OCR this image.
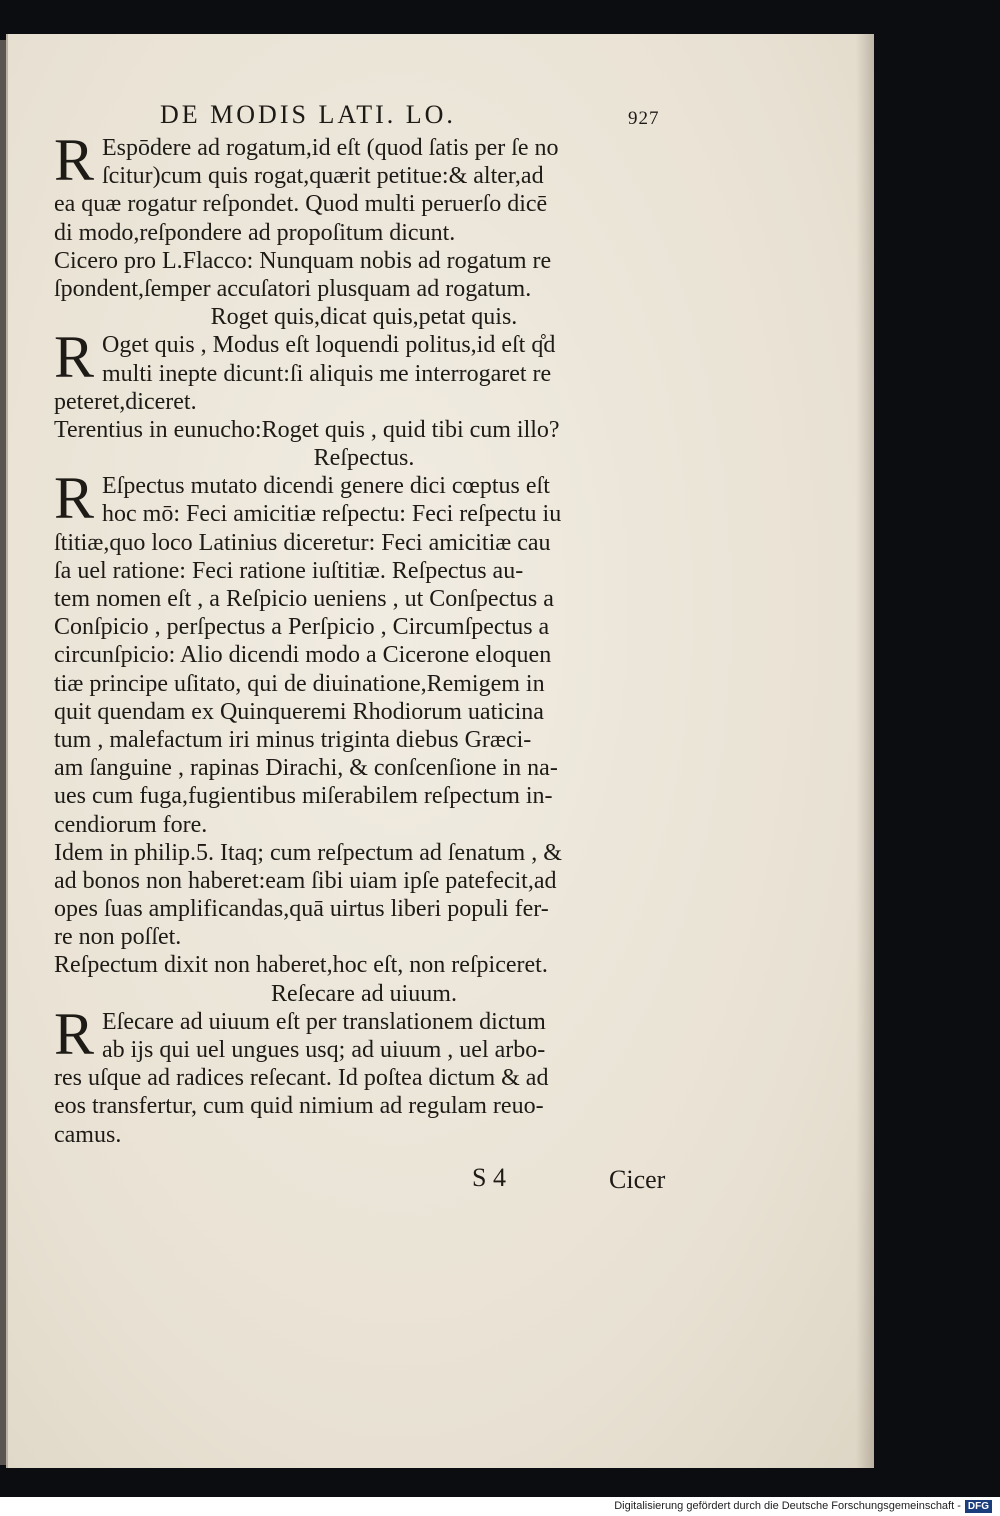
DE MODIS LATI. LO.	927
R Espōdere ad rogatum,id eſt (quod ſatis per ſe no
ſcitur)cum quis rogat,quærit petitue:& alter,ad
ea quæ rogatur reſpondet. Quod multi peruerſo dicē
di modo,reſpondere ad propoſitum dicunt.
Cicero pro L.Flacco: Nunquam nobis ad rogatum re
ſpondent,ſemper accuſatori plusquam ad rogatum.
Roget quis,dicat quis,petat quis.
R Oget quis , Modus eſt loquendi politus,id eſt q̊d
multi inepte dicunt:ſi aliquis me interrogaret re
peteret,diceret.
Terentius in eunucho:Roget quis , quid tibi cum illo?
Reſpectus.
R Eſpectus mutato dicendi genere dici cœptus eſt
hoc mō: Feci amicitiæ reſpectu: Feci reſpectu iu
ſtitiæ,quo loco Latinius diceretur: Feci amicitiæ cau
ſa uel ratione: Feci ratione iuſtitiæ. Reſpectus au-
tem nomen eſt , a Reſpicio ueniens , ut Conſpectus a
Conſpicio , perſpectus a Perſpicio , Circumſpectus a
circunſpicio: Alio dicendi modo a Cicerone eloquen
tiæ principe uſitato, qui de diuinatione,Remigem in
quit quendam ex Quinqueremi Rhodiorum uaticina
tum , malefactum iri minus triginta diebus Græci-
am ſanguine , rapinas Dirachi, & conſcenſione in na-
ues cum fuga,fugientibus miſerabilem reſpectum in-
cendiorum fore.
Idem in philip.5. Itaq; cum reſpectum ad ſenatum , &
ad bonos non haberet:eam ſibi uiam ipſe patefecit,ad
opes ſuas amplificandas,quā uirtus liberi populi fer-
re non poſſet.
Reſpectum dixit non haberet,hoc eſt, non reſpiceret.
Reſecare ad uiuum.
R Eſecare ad uiuum eſt per translationem dictum
ab ijs qui uel ungues usq; ad uiuum , uel arbo-
res uſque ad radices reſecant. Id poſtea dictum & ad
eos transfertur, cum quid nimium ad regulam reuo-
camus.
S 4	Cicer
Digitalisierung gefördert durch die Deutsche Forschungsgemeinschaft - DFG
